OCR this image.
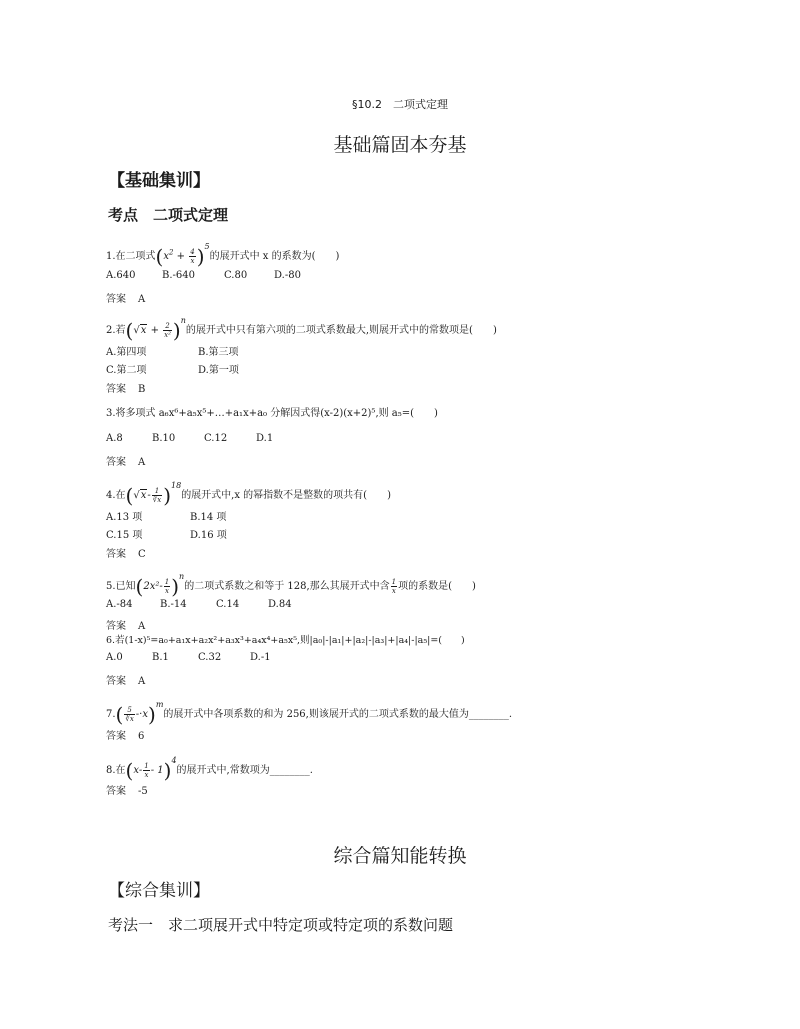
§10.2　二项式定理
基础篇固本夯基
【基础集训】
考点　二项式定理
1.在二项式$(x^2 + \frac{4}{x} )^5$的展开式中 x 的系数为(　　)
A.640	B.-640	C.80	D.-80
答案 A
2.若$(√x + \frac{2}{\text{x²}} )^n$的展开式中只有第六项的二项式系数最大,则展开式中的常数项是(　　)
A.第四项	B.第三项
C.第二项	D.第一项
答案 B
3.将多项式 a₆x⁶+a₅x⁵+…+a₁x+a₀ 分解因式得(x-2)(x+2)⁵,则 a₅=(　　)
A.8	B.10	C.12	D.1
答案 A
4.在$(√x- \frac{1}{∛x} )^{18}$的展开式中,x 的幂指数不是整数的项共有(　　)
A.13 项	B.14 项
C.15 项	D.16 项
答案 C
5.已知$(2x^2- \frac{1}{x} )^n$的二项式系数之和等于 128,那么其展开式中含 $\frac{1}{x}$ 项的系数是(　　)
A.-84	B.-14	C.14	D.84
答案 A
6.若(1-x)⁵=a₀+a₁x+a₂x²+a₃x³+a₄x⁴+a₅x⁵,则|a₀|-|a₁|+|a₂|-|a₃|+|a₄|-|a₅|=(　　)
A.0	B.1	C.32	D.-1
答案 A
$7.( \frac{5}{∛x} -\cdot x)^m$的展开式中各项系数的和为 256,则该展开式的二项式系数的最大值为________.
答案 6
8.在$(x- \frac{1}{x} - 1)^4$的展开式中,常数项为________.
答案 -5
综合篇知能转换
【综合集训】
考法一　求二项展开式中特定项或特定项的系数问题
